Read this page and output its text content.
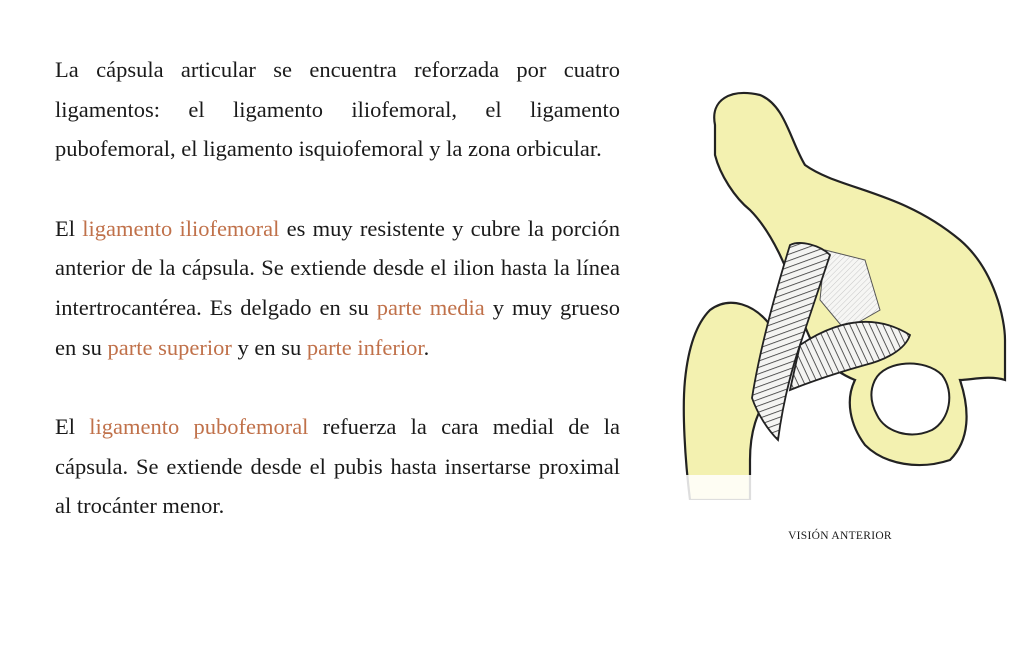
La cápsula articular se encuentra reforzada por cuatro ligamentos: el ligamento iliofemoral, el ligamento pubofemoral, el ligamento isquiofemoral y la zona orbicular.

El ligamento iliofemoral es muy resistente y cubre la porción anterior de la cápsula. Se extiende desde el ilion hasta la línea intertrocantérea. Es delgado en su parte media y muy grueso en su parte superior y en su parte inferior.

El ligamento pubofemoral refuerza la cara medial de la cápsula. Se extiende desde el pubis hasta insertarse proximal al trocánter menor.

VISIÓN ANTERIOR
